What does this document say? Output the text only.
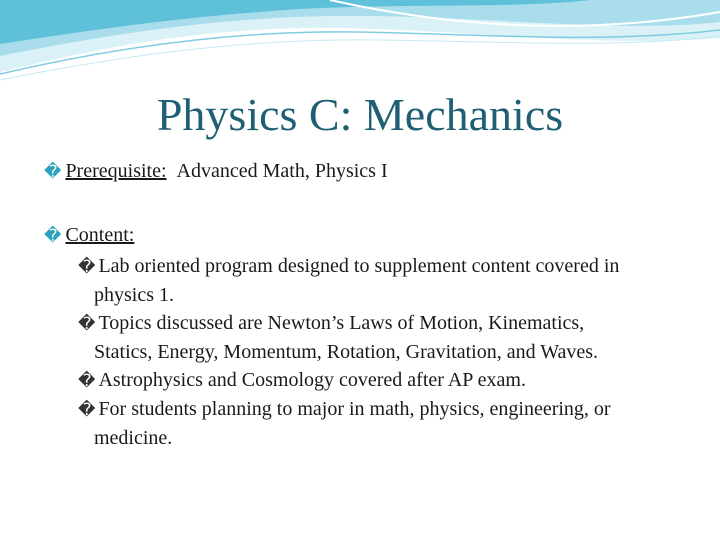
Physics C: Mechanics
� Prerequisite: Advanced Math, Physics I
� Content:
� Lab oriented program designed to supplement content covered in
physics 1.
� Topics discussed are Newton’s Laws of Motion, Kinematics,
Statics, Energy, Momentum, Rotation, Gravitation, and Waves.
� Astrophysics and Cosmology covered after AP exam.
� For students planning to major in math, physics, engineering, or
medicine.
